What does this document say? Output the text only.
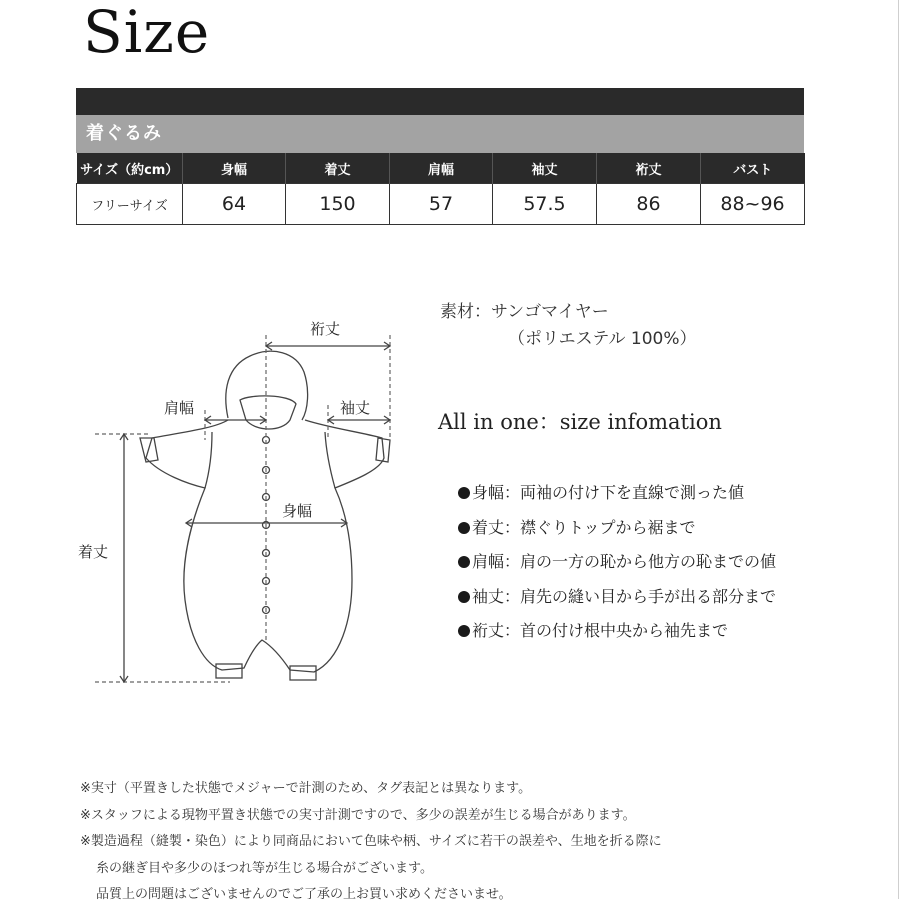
Size
着ぐるみ
サイズ（約cm）	身幅	着丈	肩幅	袖丈	裄丈	バスト
フリーサイズ	64	150	57	57.5	86	88~96
裄丈
肩幅	袖丈
身幅
着丈
素材：サンゴマイヤー
（ポリエステル 100%）
All in one：size infomation
身幅：両袖の付け下を直線で測った値
着丈：襟ぐりトップから裾まで
肩幅：肩の一方の恥から他方の恥までの値
袖丈：肩先の縫い目から手が出る部分まで
裄丈：首の付け根中央から袖先まで
※実寸（平置きした状態でメジャーで計測のため、タグ表記とは異なります。
※スタッフによる現物平置き状態での実寸計測ですので、多少の誤差が生じる場合があります。
※製造過程（縫製・染色）により同商品において色味や柄、サイズに若干の誤差や、生地を折る際に
糸の継ぎ目や多少のほつれ等が生じる場合がございます。
品質上の問題はございませんのでご了承の上お買い求めくださいませ。
